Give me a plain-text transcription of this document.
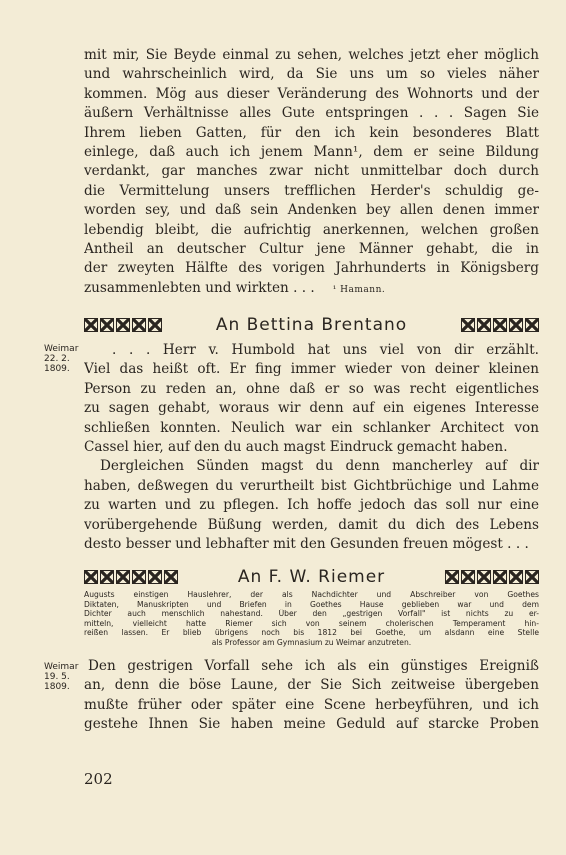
mit mir, Sie Beyde einmal zu sehen, welches jetzt eher möglich
und wahrscheinlich wird, da Sie uns um so vieles näher
kommen. Mög aus dieser Veränderung des Wohnorts und der
äußern Verhältnisse alles Gute entspringen . . . Sagen Sie
Ihrem lieben Gatten, für den ich kein besonderes Blatt
einlege, daß auch ich jenem Mann¹, dem er seine Bildung
verdankt, gar manches zwar nicht unmittelbar doch durch
die Vermittelung unsers trefflichen Herder's schuldig ge-
worden sey, und daß sein Andenken bey allen denen immer
lebendig bleibt, die aufrichtig anerkennen, welchen großen
Antheil an deutscher Cultur jene Männer gehabt, die in
der zweyten Hälfte des vorigen Jahrhunderts in Königsberg
zusammenlebten und wirkten . . . ¹ Hamann.
An Bettina Brentano
Weimar
22. 2.
1809.
. . . Herr v. Humbold hat uns viel von dir erzählt.
Viel das heißt oft. Er fing immer wieder von deiner kleinen
Person zu reden an, ohne daß er so was recht eigentliches
zu sagen gehabt, woraus wir denn auf ein eigenes Interesse
schließen konnten. Neulich war ein schlanker Architect von
Cassel hier, auf den du auch magst Eindruck gemacht haben.
Dergleichen Sünden magst du denn mancherley auf dir
haben, deßwegen du verurtheilt bist Gichtbrüchige und Lahme
zu warten und zu pflegen. Ich hoffe jedoch das soll nur eine
vorübergehende Büßung werden, damit du dich des Lebens
desto besser und lebhafter mit den Gesunden freuen mögest . . .
An F. W. Riemer
Augusts einstigen Hauslehrer, der als Nachdichter und Abschreiber von Goethes
Diktaten, Manuskripten und Briefen in Goethes Hause geblieben war und dem
Dichter auch menschlich nahestand. Über den „gestrigen Vorfall" ist nichts zu er-
mitteln, vielleicht hatte Riemer sich von seinem cholerischen Temperament hin-
reißen lassen. Er blieb übrigens noch bis 1812 bei Goethe, um alsdann eine Stelle
als Professor am Gymnasium zu Weimar anzutreten.
Weimar
19. 5.
1809.
Den gestrigen Vorfall sehe ich als ein günstiges Ereigniß
an, denn die böse Laune, der Sie Sich zeitweise übergeben
mußte früher oder später eine Scene herbeyführen, und ich
gestehe Ihnen Sie haben meine Geduld auf starcke Proben
202
